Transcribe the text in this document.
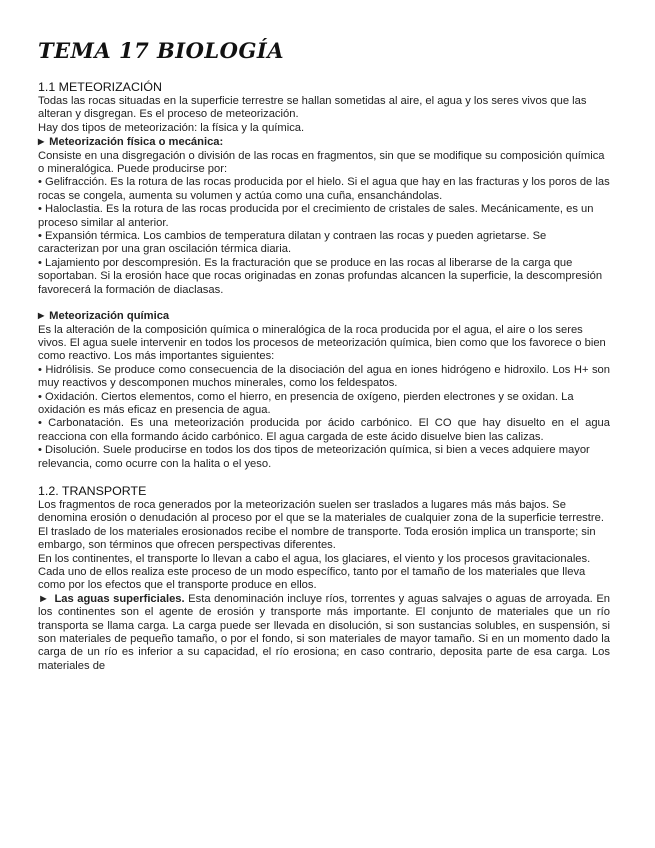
TEMA 17 BIOLOGÍA

1.1 METEORIZACIÓN

Todas las rocas situadas en la superficie terrestre se hallan sometidas al aire, el agua y los seres vivos que las alteran y disgregan. Es el proceso de meteorización.

Hay dos tipos de meteorización: la física y la química.

▶ Meteorización física o mecánica:

Consiste en una disgregación o división de las rocas en fragmentos, sin que se modifique su composición química o mineralógica. Puede producirse por:

• Gelifracción. Es la rotura de las rocas producida por el hielo. Si el agua que hay en las fracturas y los poros de las rocas se congela, aumenta su volumen y actúa como una cuña, ensanchándolas.

• Haloclastia. Es la rotura de las rocas producida por el crecimiento de cristales de sales. Mecánicamente, es un proceso similar al anterior.

• Expansión térmica. Los cambios de temperatura dilatan y contraen las rocas y pueden agrietarse. Se caracterizan por una gran oscilación térmica diaria.

• Lajamiento por descompresión. Es la fracturación que se produce en las rocas al liberarse de la carga que soportaban. Si la erosión hace que rocas originadas en zonas profundas alcancen la superficie, la descompresión favorecerá la formación de diaclasas.

▶ Meteorización química

Es la alteración de la composición química o mineralógica de la roca producida por el agua, el aire o los seres vivos. El agua suele intervenir en todos los procesos de meteorización química, bien como que los favorece o bien como reactivo. Los más importantes siguientes:

• Hidrólisis. Se produce como consecuencia de la disociación del agua en iones hidrógeno e hidroxilo. Los H+ son muy reactivos y descomponen muchos minerales, como los feldespatos.

• Oxidación. Ciertos elementos, como el hierro, en presencia de oxígeno, pierden electrones y se oxidan. La oxidación es más eficaz en presencia de agua.

• Carbonatación. Es una meteorización producida por ácido carbónico. El CO que hay disuelto en el agua reacciona con ella formando ácido carbónico. El agua cargada de este ácido disuelve bien las calizas.

• Disolución. Suele producirse en todos los dos tipos de meteorización química, si bien a veces adquiere mayor relevancia, como ocurre con la halita o el yeso.

1.2. TRANSPORTE

Los fragmentos de roca generados por la meteorización suelen ser traslados a lugares más más bajos. Se denomina erosión o denudación al proceso por el que se la materiales de cualquier zona de la superficie terrestre.

El traslado de los materiales erosionados recibe el nombre de transporte. Toda erosión implica un transporte; sin embargo, son términos que ofrecen perspectivas diferentes.

En los continentes, el transporte lo llevan a cabo el agua, los glaciares, el viento y los procesos gravitacionales. Cada uno de ellos realiza este proceso de un modo específico, tanto por el tamaño de los materiales que lleva como por los efectos que el transporte produce en ellos.

► Las aguas superficiales. Esta denominación incluye ríos, torrentes y aguas salvajes o aguas de arroyada. En los continentes son el agente de erosión y transporte más importante. El conjunto de materiales que un río transporta se llama carga. La carga puede ser llevada en disolución, si son sustancias solubles, en suspensión, si son materiales de pequeño tamaño, o por el fondo, si son materiales de mayor tamaño. Si en un momento dado la carga de un río es inferior a su capacidad, el río erosiona; en caso contrario, deposita parte de esa carga. Los materiales de
